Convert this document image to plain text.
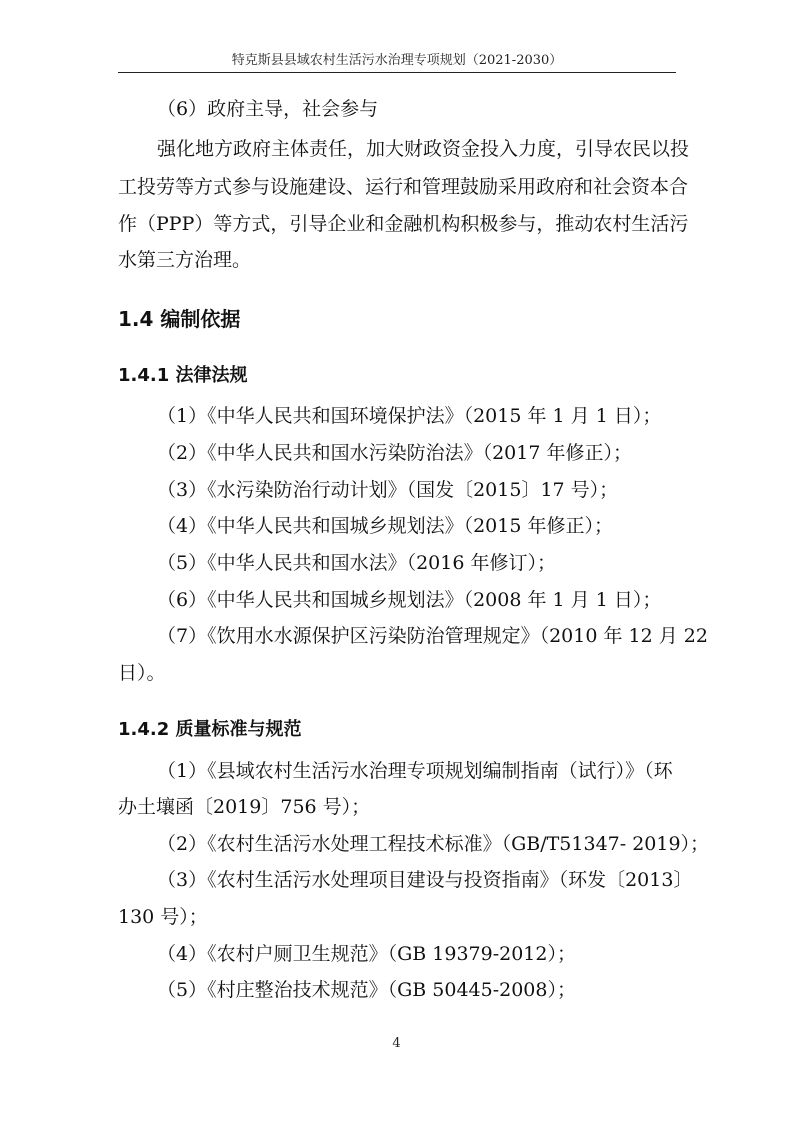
特克斯县县域农村生活污水治理专项规划（2021-2030）
（6）政府主导，社会参与
强化地方政府主体责任，加大财政资金投入力度，引导农民以投
工投劳等方式参与设施建设、运行和管理鼓励采用政府和社会资本合
作（PPP）等方式，引导企业和金融机构积极参与，推动农村生活污
水第三方治理。
1.4 编制依据
1.4.1 法律法规
（1）《中华人民共和国环境保护法》（2015 年 1 月 1 日）；
（2）《中华人民共和国水污染防治法》（2017 年修正）；
（3）《水污染防治行动计划》（国发〔2015〕17 号）；
（4）《中华人民共和国城乡规划法》（2015 年修正）；
（5）《中华人民共和国水法》（2016 年修订）；
（6）《中华人民共和国城乡规划法》（2008 年 1 月 1 日）；
（7）《饮用水水源保护区污染防治管理规定》（2010 年 12 月 22
日）。
1.4.2 质量标准与规范
（1）《县域农村生活污水治理专项规划编制指南（试行）》（环
办土壤函〔2019〕756 号）；
（2）《农村生活污水处理工程技术标准》（GB/T51347- 2019）；
（3）《农村生活污水处理项目建设与投资指南》（环发〔2013〕
130 号）；
（4）《农村户厕卫生规范》（GB 19379-2012）；
（5）《村庄整治技术规范》（GB 50445-2008）；
4
